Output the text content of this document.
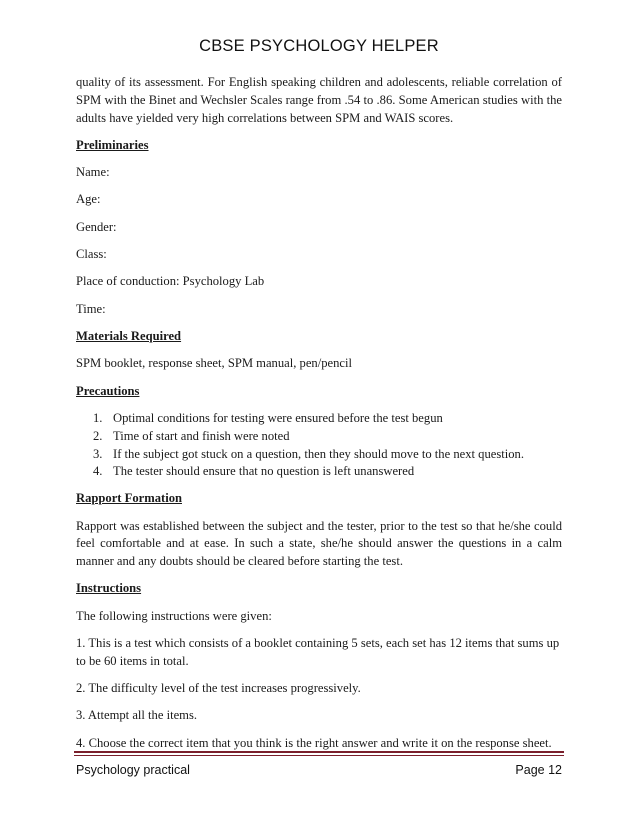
CBSE PSYCHOLOGY HELPER

quality of its assessment. For English speaking children and adolescents, reliable correlation of SPM with the Binet and Wechsler Scales range from .54 to .86. Some American studies with the adults have yielded very high correlations between SPM and WAIS scores.

Preliminaries

Name:

Age:

Gender:

Class:

Place of conduction: Psychology Lab

Time:

Materials Required

SPM booklet, response sheet, SPM manual, pen/pencil

Precautions

1. Optimal conditions for testing were ensured before the test begun
2. Time of start and finish were noted
3. If the subject got stuck on a question, then they should move to the next question.
4. The tester should ensure that no question is left unanswered

Rapport Formation

Rapport was established between the subject and the tester, prior to the test so that he/she could feel comfortable and at ease. In such a state, she/he should answer the questions in a calm manner and any doubts should be cleared before starting the test.

Instructions

The following instructions were given:

1. This is a test which consists of a booklet containing 5 sets, each set has 12 items that sums up to be 60 items in total.

2. The difficulty level of the test increases progressively.

3. Attempt all the items.

4. Choose the correct item that you think is the right answer and write it on the response sheet.

Psychology practical	Page 12
